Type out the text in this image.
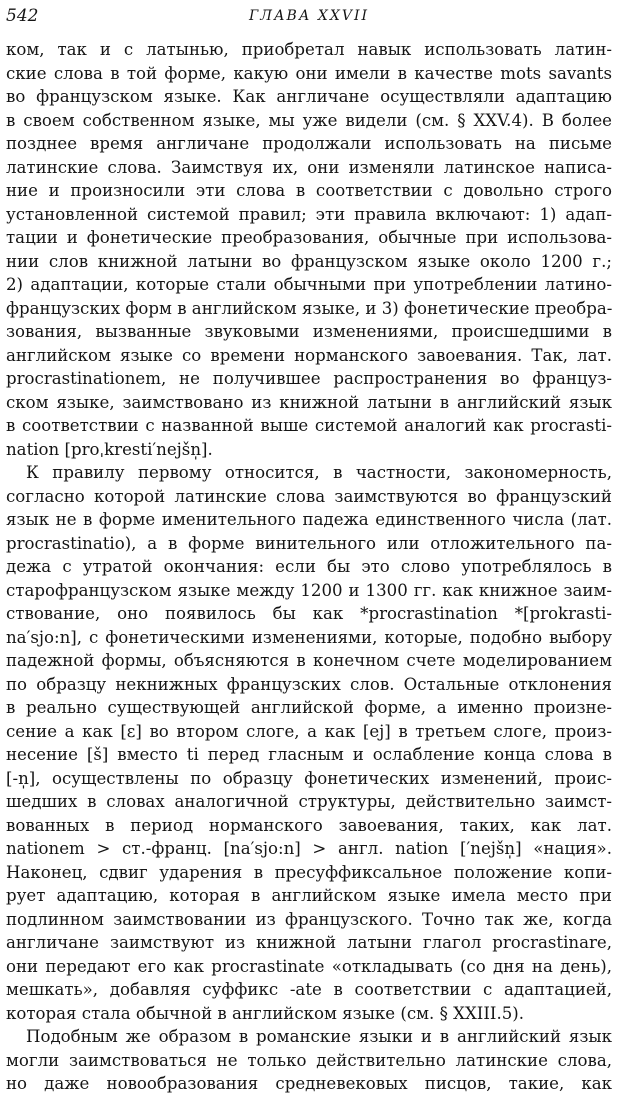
542	ГЛАВА XXVII
ком, так и с латынью, приобретал навык использовать латин-
ские слова в той форме, какую они имели в качестве mots savants
во французском языке. Как англичане осуществляли адаптацию
в своем собственном языке, мы уже видели (см. § XXV.4). В более
позднее время англичане продолжали использовать на письме
латинские слова. Заимствуя их, они изменяли латинское написа-
ние и произносили эти слова в соответствии с довольно строго
установленной системой правил; эти правила включают: 1) адап-
тации и фонетические преобразования, обычные при использова-
нии слов книжной латыни во французском языке около 1200 г.;
2) адаптации, которые стали обычными при употреблении латино-
французских форм в английском языке, и 3) фонетические преобра-
зования, вызванные звуковыми изменениями, происшедшими в
английском языке со времени норманского завоевания. Так, лат.
procrastinationem, не получившее распространения во француз-
ском языке, заимствовано из книжной латыни в английский язык
в соответствии с названной выше системой аналогий как procrastі-
nation [proˌkresti′nejšn̩].
К правилу первому относится, в частности, закономерность,
согласно которой латинские слова заимствуются во французский
язык не в форме именительного падежа единственного числа (лат.
procrastinatio), а в форме винительного или отложительного па-
дежа с утратой окончания: если бы это слово употреблялось в
старофранцузском языке между 1200 и 1300 гг. как книжное заим-
ствование, оно появилось бы как *procrastination *[prokrasti-
na′sjo:n], с фонетическими изменениями, которые, подобно выбору
падежной формы, объясняются в конечном счете моделированием
по образцу некнижных французских слов. Остальные отклонения
в реально существующей английской форме, а именно произне-
сение a как [ε] во втором слоге, a как [ej] в третьем слоге, произ-
несение [š] вместо ti перед гласным и ослабление конца слова в
[-n̩], осуществлены по образцу фонетических изменений, проис-
шедших в словах аналогичной структуры, действительно заимст-
вованных в период норманского завоевания, таких, как лат.
nationem > ст.-франц. [na′sjo:n] > англ. nation [′nejšn̩] «нация».
Наконец, сдвиг ударения в пресуффиксальное положение копи-
рует адаптацию, которая в английском языке имела место при
подлинном заимствовании из французского. Точно так же, когда
англичане заимствуют из книжной латыни глагол procrastinare,
они передают его как procrastinate «откладывать (со дня на день),
мешкать», добавляя суффикс -ate в соответствии с адаптацией,
которая стала обычной в английском языке (см. § XXIII.5).
Подобным же образом в романские языки и в английский язык
могли заимствоваться не только действительно латинские слова,
но даже новообразования средневековых писцов, такие, как
